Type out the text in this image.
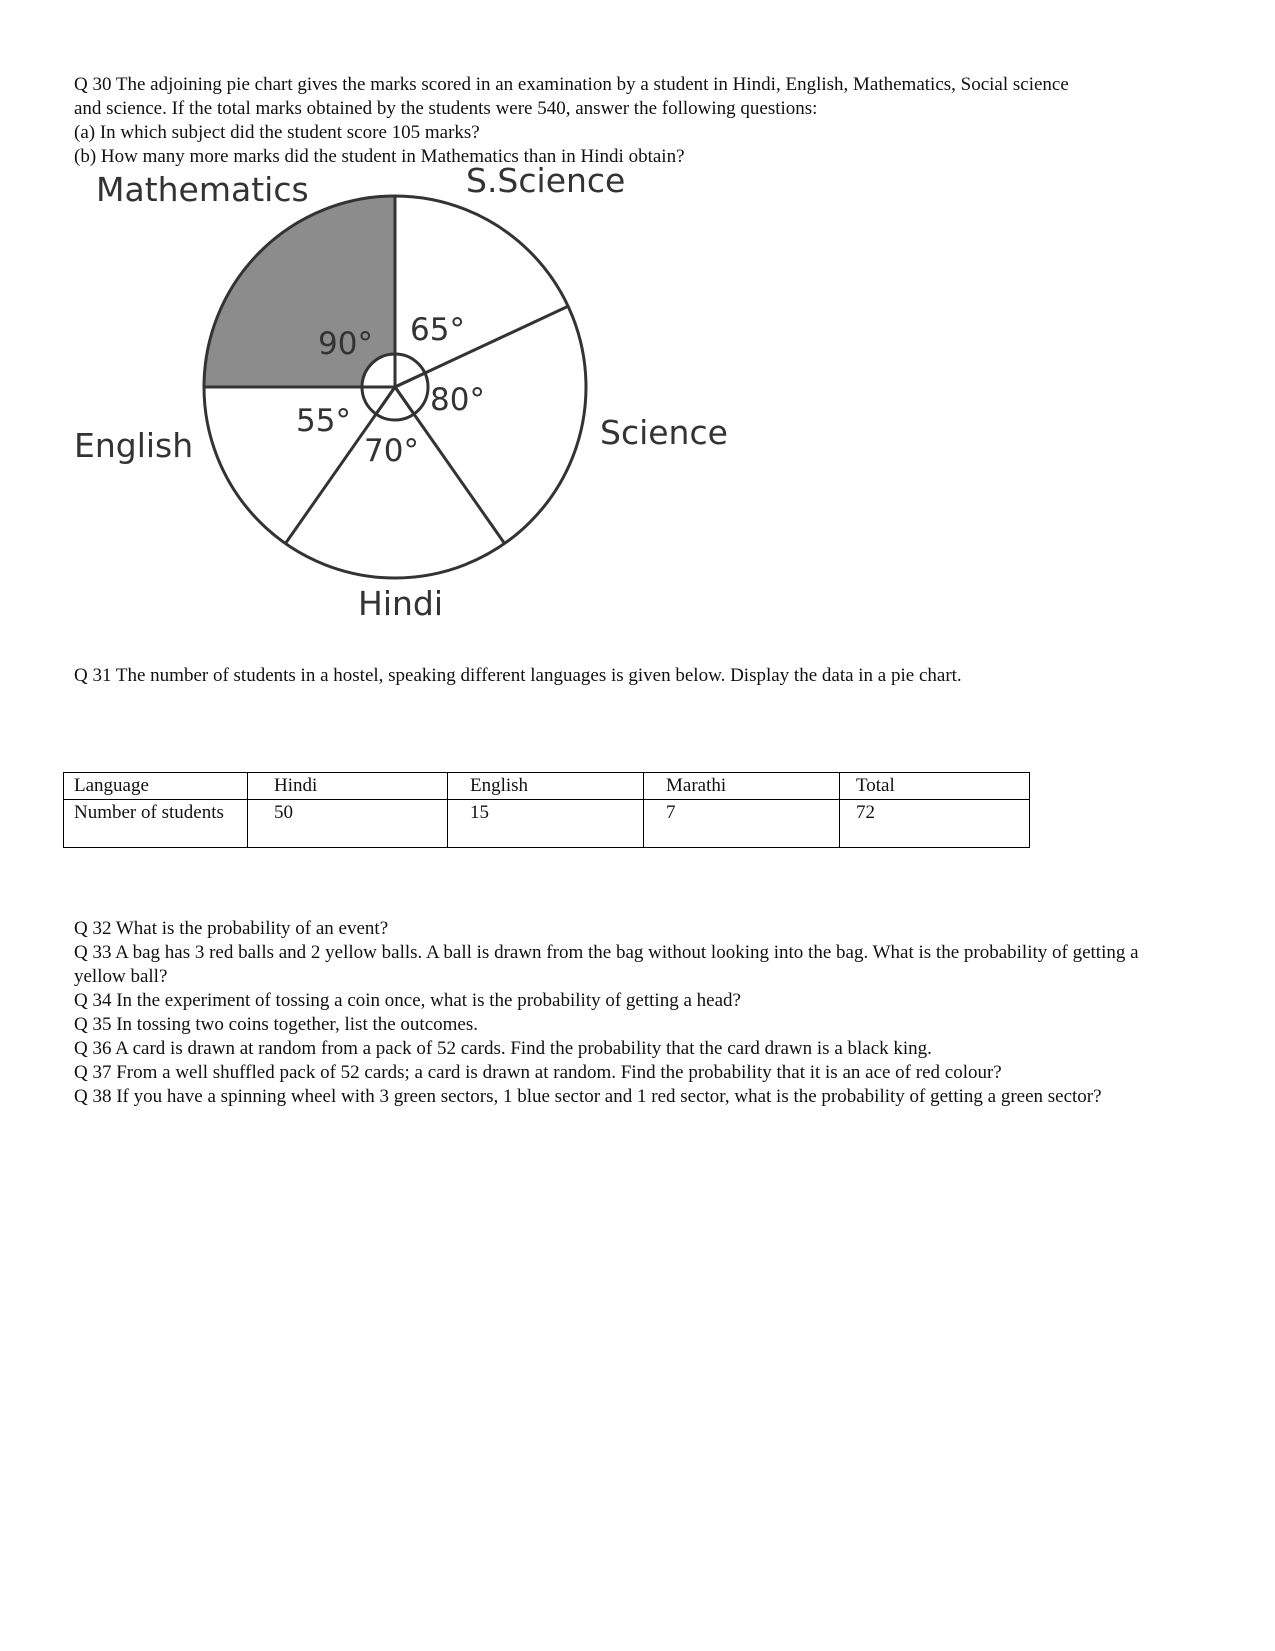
Q 30 The adjoining pie chart gives the marks scored in an examination by a student in Hindi, English, Mathematics, Social science
and science. If the total marks obtained by the students were 540, answer the following questions:
(a) In which subject did the student score 105 marks?
(b) How many more marks did the student in Mathematics than in Hindi obtain?
Mathematics	S.Science
Science
Hindi
English
90° 65°
80°
70°
55°
Q 31 The number of students in a hostel, speaking different languages is given below. Display the data in a pie chart.
Language	Hindi	English	Marathi	Total
Number of students	50	15	7	72
Q 32 What is the probability of an event?
Q 33 A bag has 3 red balls and 2 yellow balls. A ball is drawn from the bag without looking into the bag. What is the probability of getting a yellow ball?
Q 34 In the experiment of tossing a coin once, what is the probability of getting a head?
Q 35 In tossing two coins together, list the outcomes.
Q 36 A card is drawn at random from a pack of 52 cards. Find the probability that the card drawn is a black king.
Q 37 From a well shuffled pack of 52 cards; a card is drawn at random. Find the probability that it is an ace of red colour?
Q 38 If you have a spinning wheel with 3 green sectors, 1 blue sector and 1 red sector, what is the probability of getting a green sector?
